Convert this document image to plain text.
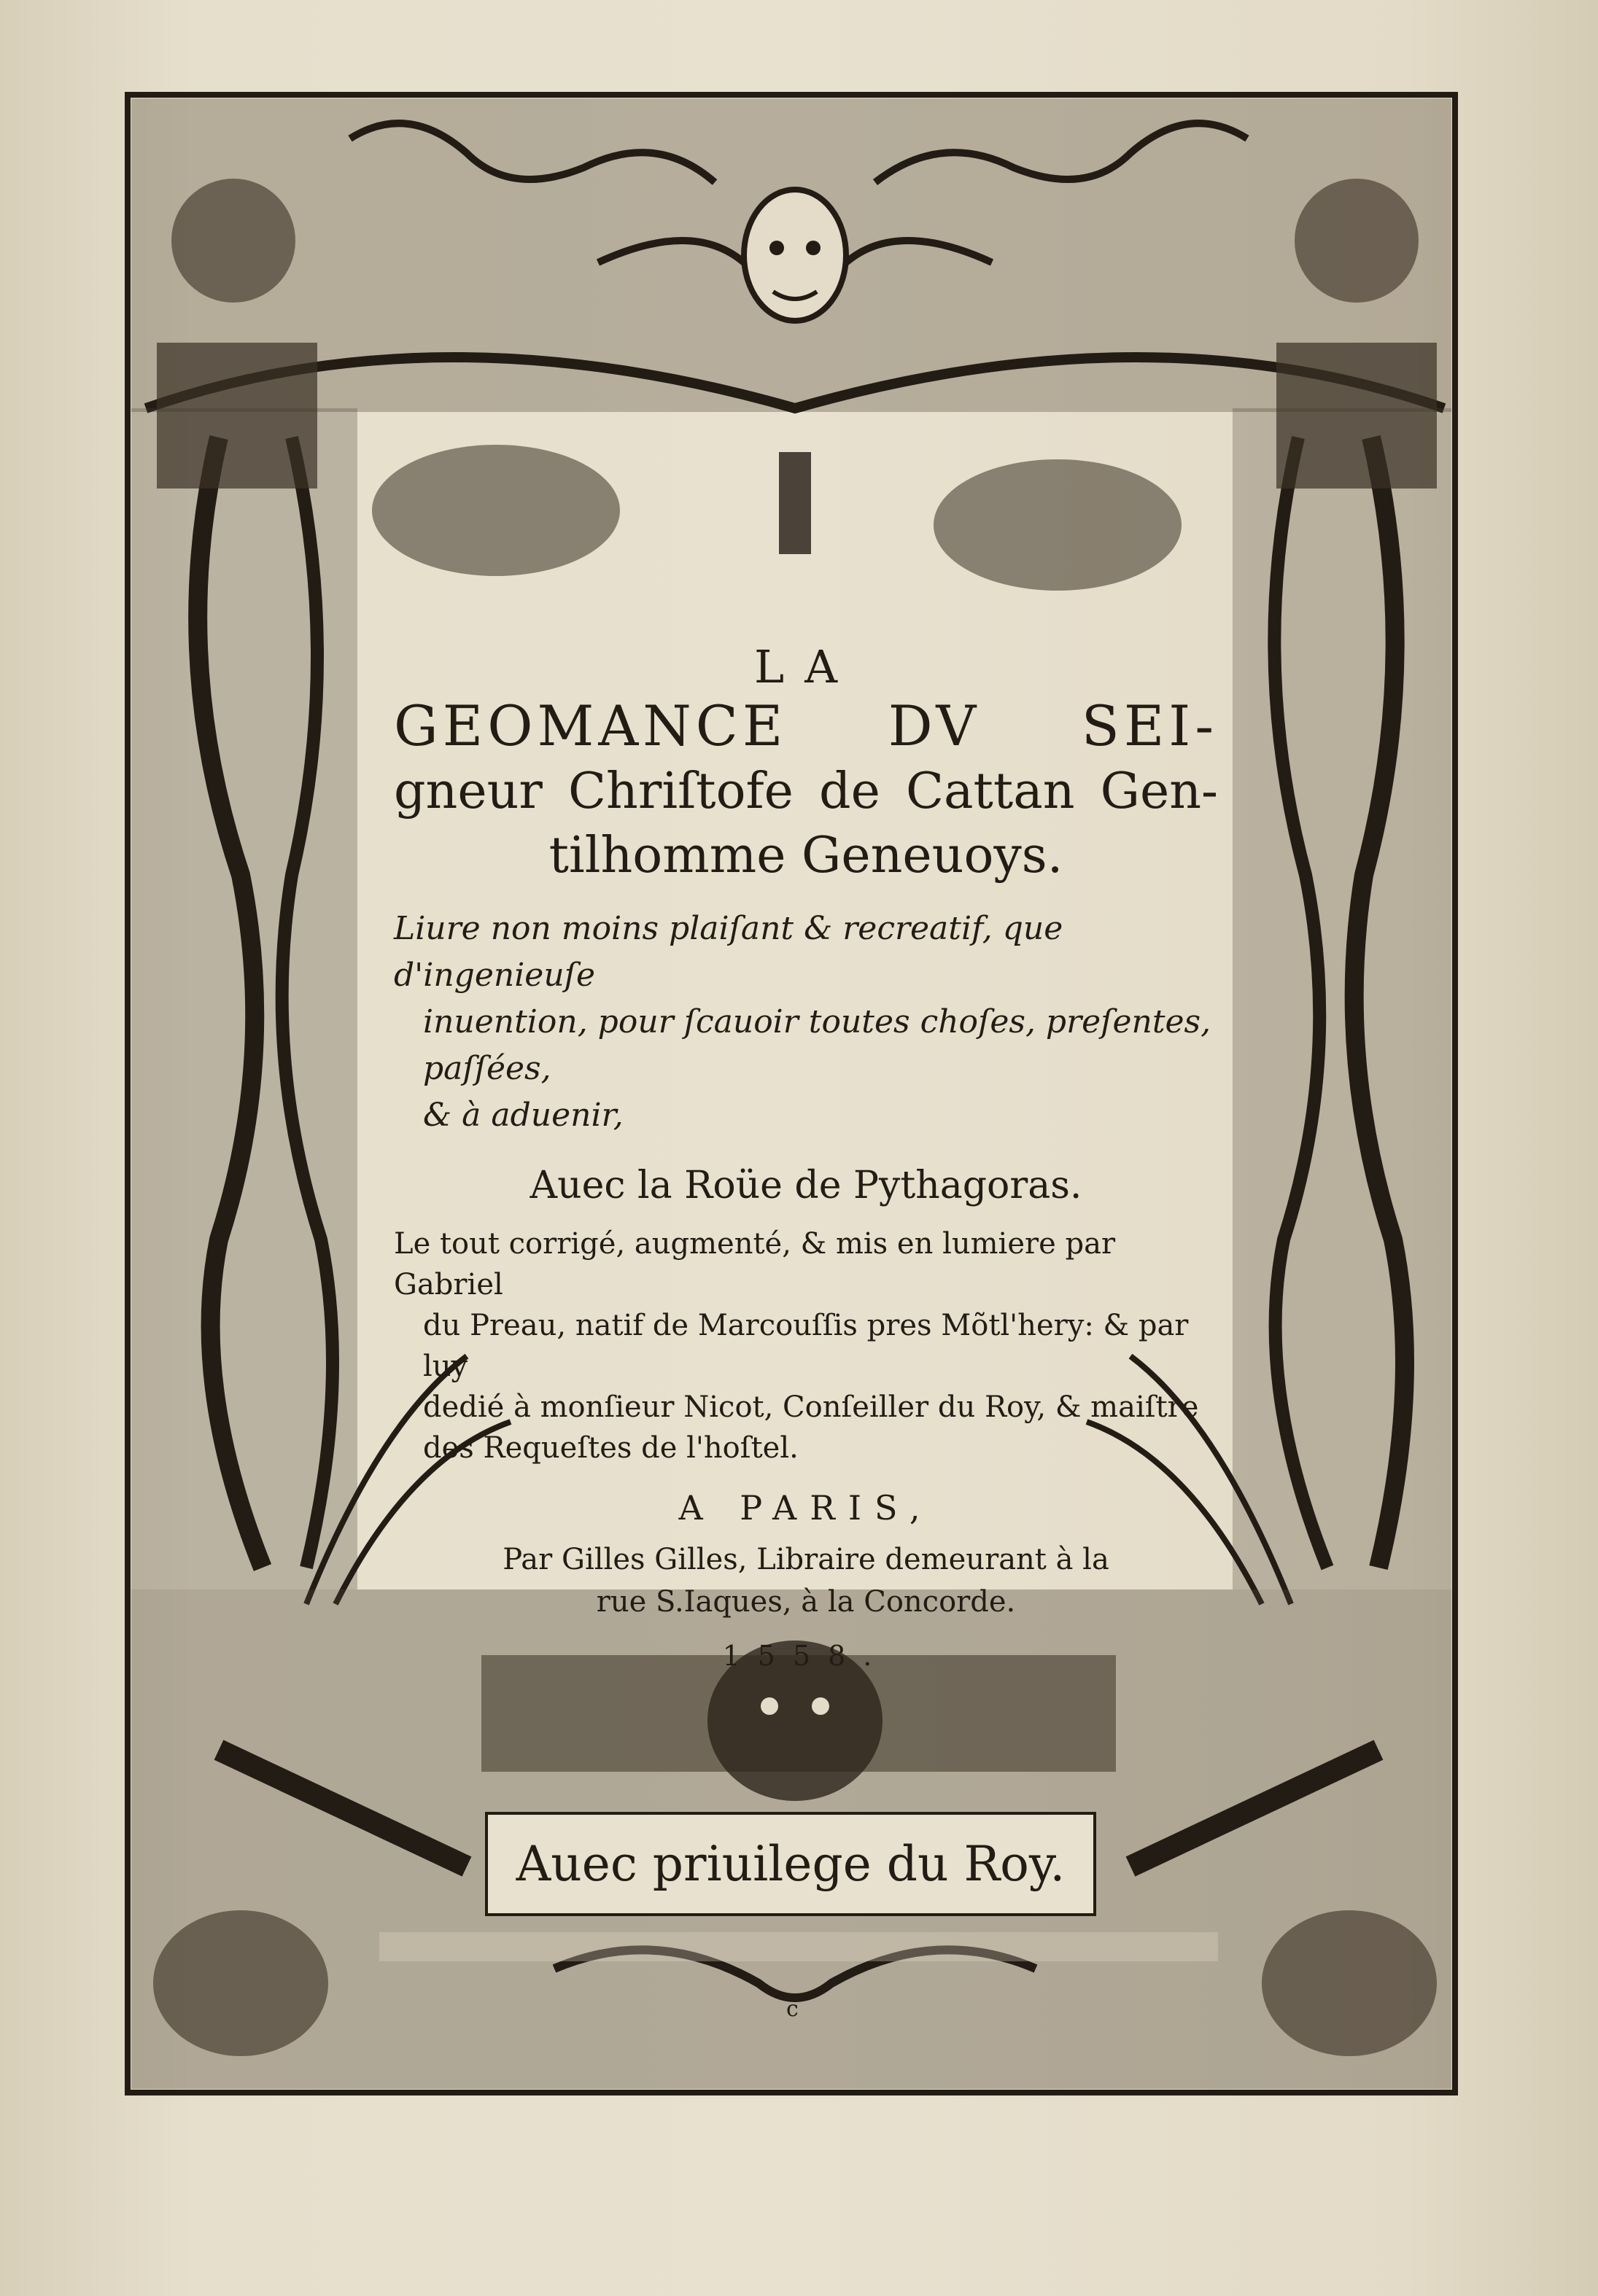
LA
GEOMANCE DV SEI-
gneur Chriſtofe de Cattan Gen-
tilhomme Geneuoys.
Liure non moins plaiſant & recreatif, que d'ingenieuſe
inuention, pour ſcauoir toutes choſes, preſentes, paſſées,
& à aduenir,
Auec la Roüe de Pythagoras.
Le tout corrigé, augmenté, & mis en lumiere par Gabriel
du Preau, natif de Marcouſſis pres Mõtl'hery: & par luy
dedié à monſieur Nicot, Conſeiller du Roy, & maiſtre
des Requeſtes de l'hoſtel.
A PARIS,
Par Gilles Gilles, Libraire demeurant à la
rue S.Iaques, à la Concorde.
1558.
Auec priuilege du Roy.
c
